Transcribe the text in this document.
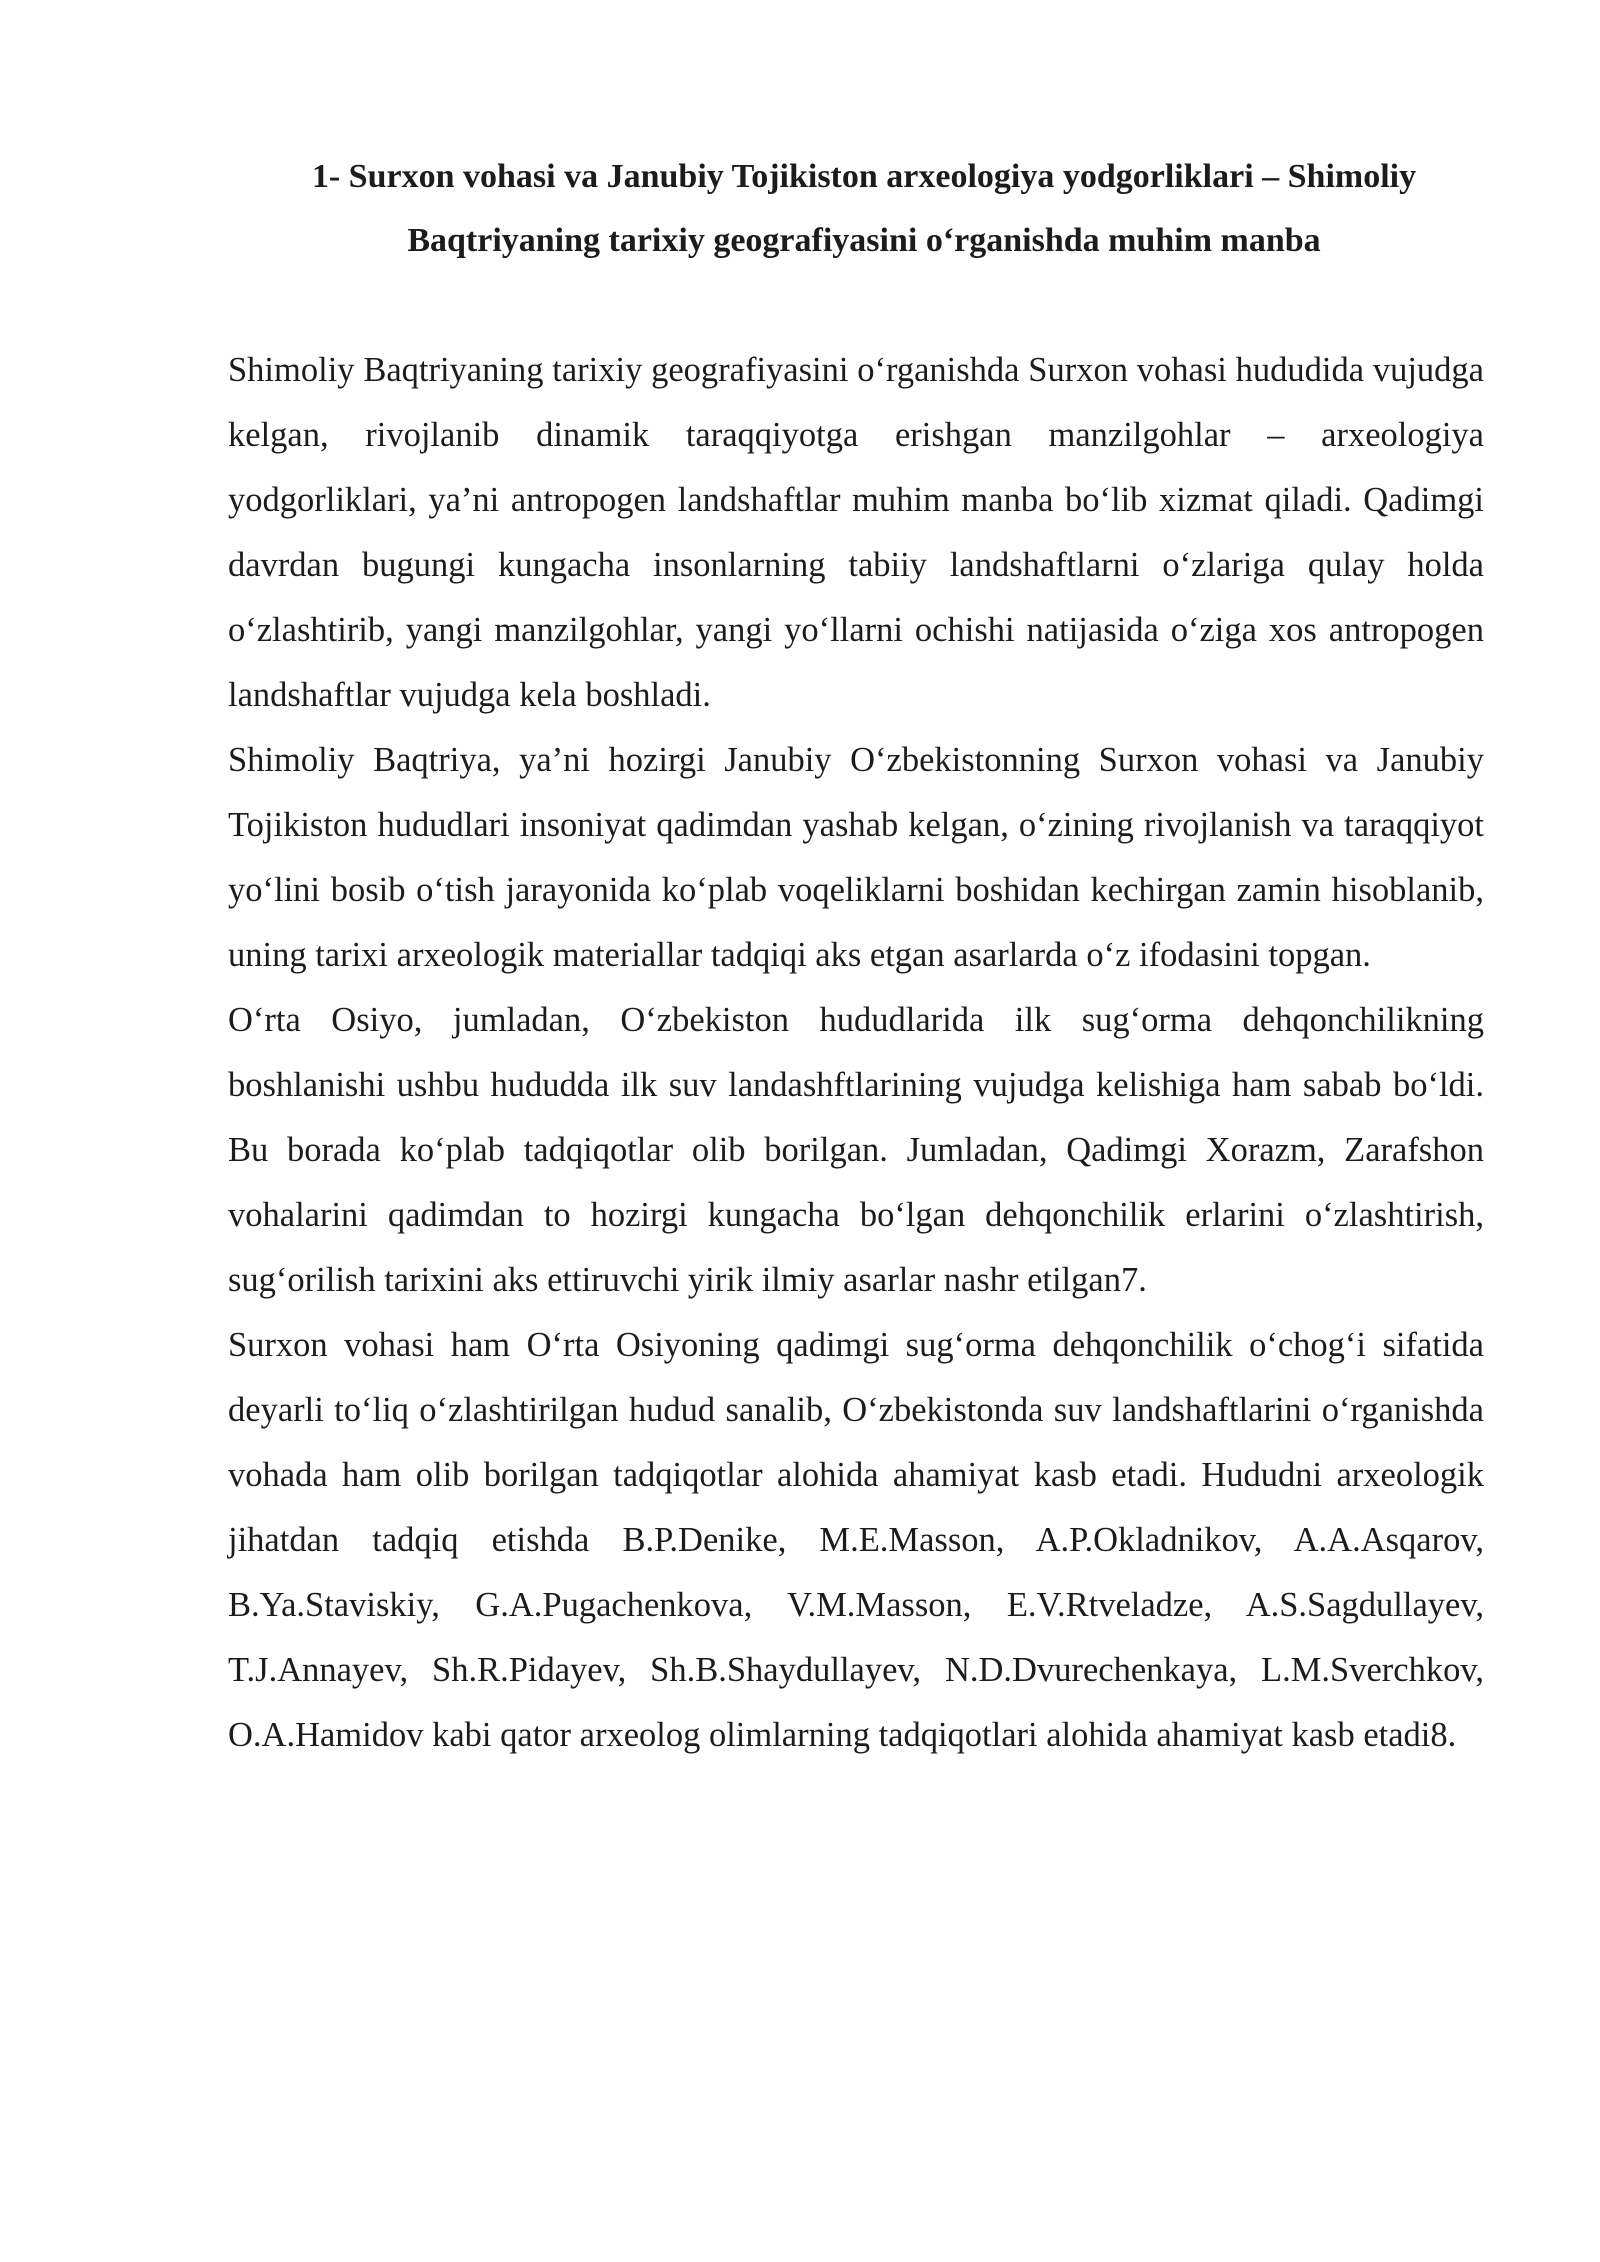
1- Surxon vohasi va Janubiy Tojikiston arxeologiya yodgorliklari – Shimoliy
Baqtriyaning tarixiy geografiyasini o‘rganishda muhim manba

Shimoliy Baqtriyaning tarixiy geografiyasini o‘rganishda Surxon vohasi hududida vujudga kelgan, rivojlanib dinamik taraqqiyotga erishgan manzilgohlar – arxeologiya yodgorliklari, ya’ni antropogen landshaftlar muhim manba bo‘lib xizmat qiladi. Qadimgi davrdan bugungi kungacha insonlarning tabiiy landshaftlarni o‘zlariga qulay holda o‘zlashtirib, yangi manzilgohlar, yangi yo‘llarni ochishi natijasida o‘ziga xos antropogen landshaftlar vujudga kela boshladi.

Shimoliy Baqtriya, ya’ni hozirgi Janubiy O‘zbekistonning Surxon vohasi va Janubiy Tojikiston hududlari insoniyat qadimdan yashab kelgan, o‘zining rivojlanish va taraqqiyot yo‘lini bosib o‘tish jarayonida ko‘plab voqeliklarni boshidan kechirgan zamin hisoblanib, uning tarixi arxeologik materiallar tadqiqi aks etgan asarlarda o‘z ifodasini topgan.

O‘rta Osiyo, jumladan, O‘zbekiston hududlarida ilk sug‘orma dehqonchilikning boshlanishi ushbu hududda ilk suv landashftlarining vujudga kelishiga ham sabab bo‘ldi. Bu borada ko‘plab tadqiqotlar olib borilgan. Jumladan, Qadimgi Xorazm, Zarafshon vohalarini qadimdan to hozirgi kungacha bo‘lgan dehqonchilik erlarini o‘zlashtirish, sug‘orilish tarixini aks ettiruvchi yirik ilmiy asarlar nashr etilgan7.

Surxon vohasi ham O‘rta Osiyoning qadimgi sug‘orma dehqonchilik o‘chog‘i sifatida deyarli to‘liq o‘zlashtirilgan hudud sanalib, O‘zbekistonda suv landshaftlarini o‘rganishda vohada ham olib borilgan tadqiqotlar alohida ahamiyat kasb etadi. Hududni arxeologik jihatdan tadqiq etishda B.P.Denike, M.E.Masson, A.P.Okladnikov, A.A.Asqarov, B.Ya.Staviskiy, G.A.Pugachenkova, V.M.Masson, E.V.Rtveladze, A.S.Sagdullayev, T.J.Annayev, Sh.R.Pidayev, Sh.B.Shaydullayev, N.D.Dvurechenkaya, L.M.Sverchkov, O.A.Hamidov kabi qator arxeolog olimlarning tadqiqotlari alohida ahamiyat kasb etadi8.
